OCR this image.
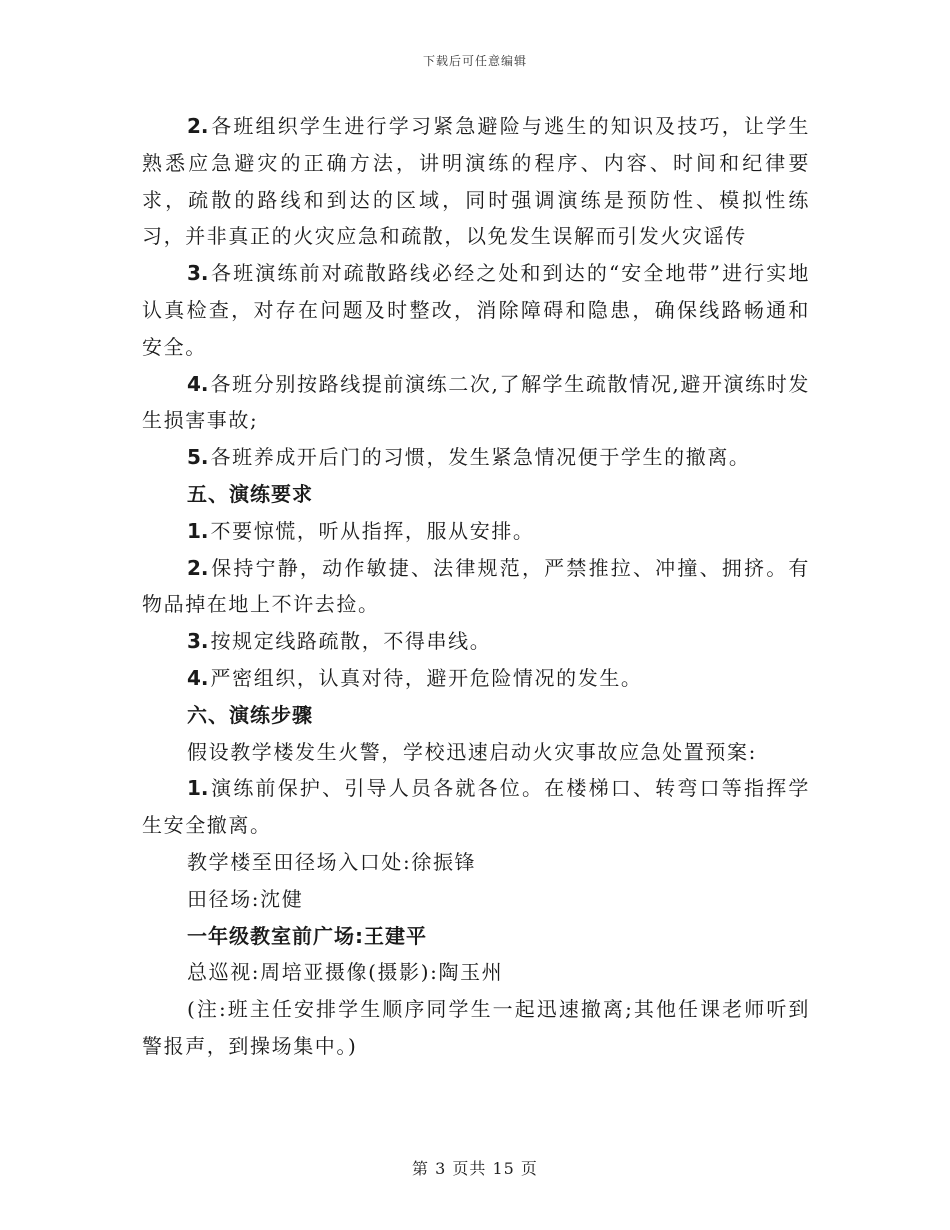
下载后可任意编辑

2. 各班组织学生进行学习紧急避险与逃生的知识及技巧，让学生熟悉应急避灾的正确方法，讲明演练的程序、内容、时间和纪律要求，疏散的路线和到达的区域，同时强调演练是预防性、模拟性练习，并非真正的火灾应急和疏散，以免发生误解而引发火灾谣传

3. 各班演练前对疏散路线必经之处和到达的“安全地带”进行实地认真检查，对存在问题及时整改，消除障碍和隐患，确保线路畅通和安全。

4. 各班分别按路线提前演练二次,了解学生疏散情况,避开演练时发生损害事故;

5. 各班养成开后门的习惯，发生紧急情况便于学生的撤离。

五、演练要求

1. 不要惊慌，听从指挥，服从安排。

2. 保持宁静，动作敏捷、法律规范，严禁推拉、冲撞、拥挤。有物品掉在地上不许去捡。

3. 按规定线路疏散，不得串线。

4. 严密组织，认真对待，避开危险情况的发生。

六、演练步骤

假设教学楼发生火警，学校迅速启动火灾事故应急处置预案:

1. 演练前保护、引导人员各就各位。在楼梯口、转弯口等指挥学生安全撤离。

教学楼至田径场入口处:徐振锋

田径场:沈健

一年级教室前广场:王建平

总巡视:周培亚摄像(摄影):陶玉州

(注:班主任安排学生顺序同学生一起迅速撤离;其他任课老师听到警报声，到操场集中。)

第 3 页共 15 页
